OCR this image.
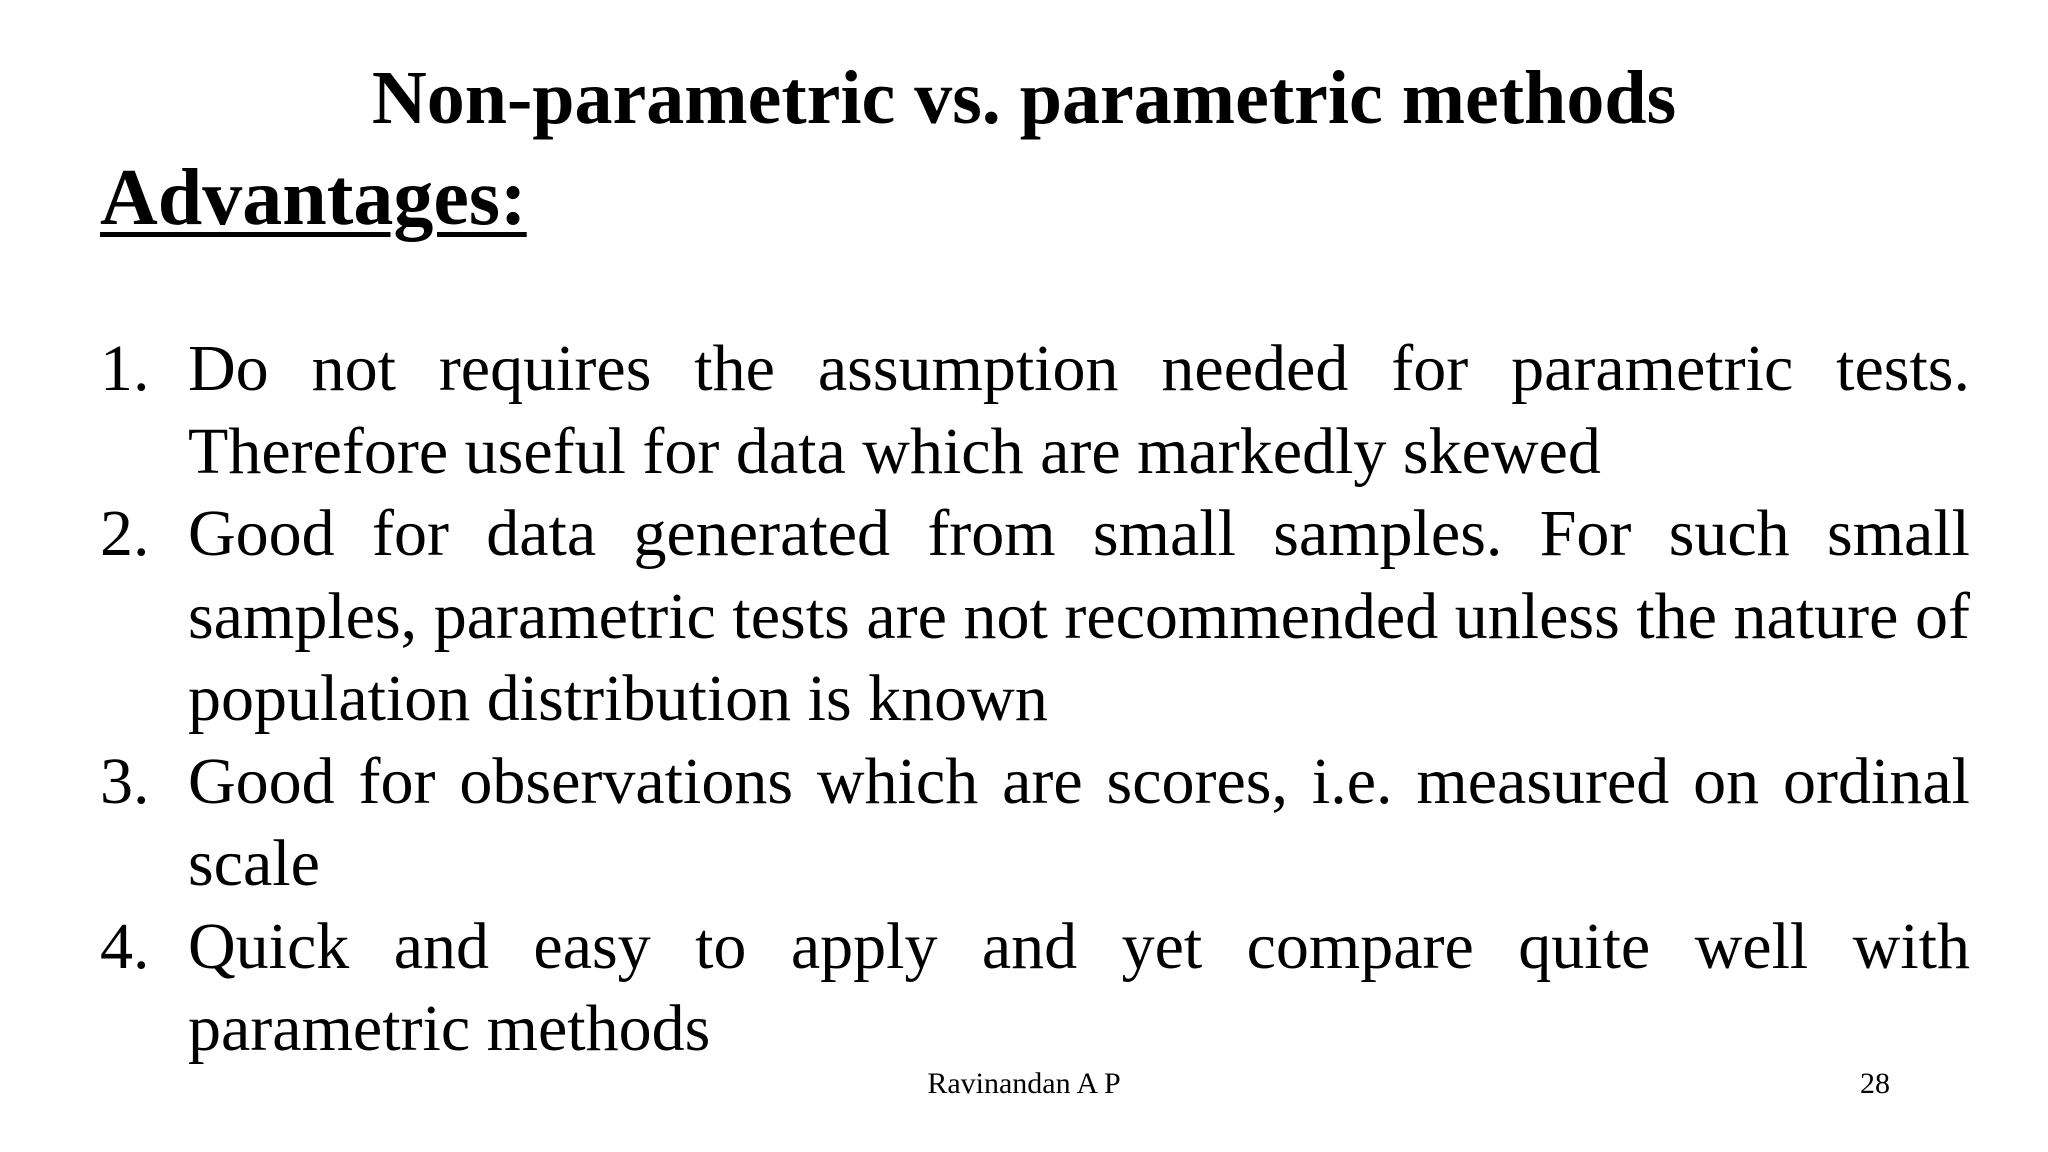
Non-parametric vs. parametric methods
Advantages:
1. Do not requires the assumption needed for parametric tests. Therefore useful for data which are markedly skewed
2. Good for data generated from small samples. For such small samples, parametric tests are not recommended unless the nature of population distribution is known
3. Good for observations which are scores, i.e. measured on ordinal scale
4. Quick and easy to apply and yet compare quite well with parametric methods
Ravinandan A P	28
